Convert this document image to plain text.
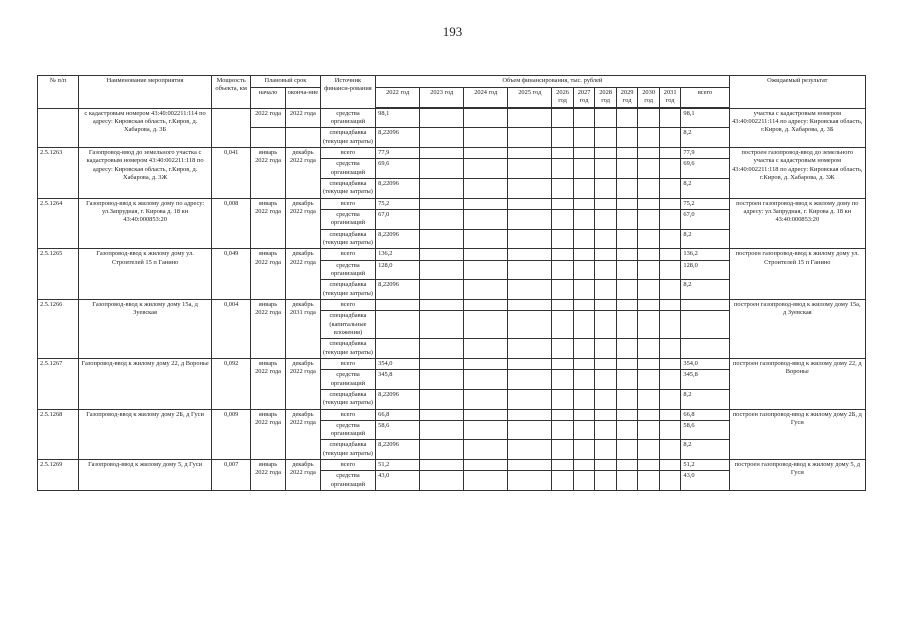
193
№ п/п	Наименование мероприятия	Мощность объекта, км	Плановый срок		Источник финанси-рования	Объем финансирования, тыс. рублей											Ожидаемый результат
			начало	оконча-ние		2022 год	2023 год	2024 год	2025 год	2026 год	2027 год	2028 год	2029 год	2030 год	2031 год	всего	

	с кадастровым номером 43:40:002211:114 по адресу: Кировская область, г.Киров, д. Хабарова, д. 3Б		2022 года	2022 года	средства организаций	98,1										98,1	участка с кадастровым номером 43:40:002211:114 по адресу: Кировская область, г.Киров, д. Хабарова, д. 3Б
					спецнадбавка (текущие затраты)	8,22096										8,2	
2.5.1263	Газопровод-ввод до земельного участка с кадастровым номером 43:40:002211:118 по адресу: Кировская область, г.Киров, д. Хабарова, д. 3Ж	0,041	январь 2022 года	декабрь 2022 года	всего	77,9										77,9	построен газопровод-ввод до земельного участка с кадастровым номером 43:40:002211:118 по адресу: Кировская область, г.Киров, д. Хабарова, д. 3Ж
					средства организаций	69,6										69,6	
					спецнадбавка (текущие затраты)	8,22096										8,2	
2.5.1264	Газопровод-ввод к жилому дому по адресу: ул.Запрудная, г. Кирова д. 18 кн 43:40:000853:20	0,008	январь 2022 года	декабрь 2022 года	всего	75,2										75,2	построен газопровод-ввод к жилому дому по адресу: ул.Запрудная, г. Кирова д. 18 кн 43:40:000853:20
					средства организаций	67,0										67,0	
					спецнадбавка (текущие затраты)	8,22096										8,2	
2.5.1265	Газопровод-ввод к жилому дому ул. Строителей 15 п Ганино	0,049	январь 2022 года	декабрь 2022 года	всего	136,2										136,2	построен газопровод-ввод к жилому дому ул. Строителей 15 п Ганино
					средства организаций	128,0										128,0	
					спецнадбавка (текущие затраты)	8,22096										8,2	
2.5.1266	Газопровод-ввод к жилому дому 15а, д Зуевская	0,004	январь 2022 года	декабрь 2031 года	всего												построен газопровод-ввод к жилому дому 15а, д Зуевская
					спецнадбавка (капитальные вложения)												
					спецнадбавка (текущие затраты)												
2.5.1267	Газопровод-ввод к жилому дому 22, д Воронье	0,092	январь 2022 года	декабрь 2022 года	всего	354,0										354,0	построен газопровод-ввод к жилому дому 22, д Воронье
					средства организаций	345,8										345,8	
					спецнадбавка (текущие затраты)	8,22096										8,2	
2.5.1268	Газопровод-ввод к жилому дому 2Б, д Гуси	0,009	январь 2022 года	декабрь 2022 года	всего	66,8										66,8	построен газопровод-ввод к жилому дому 2Б, д Гуси
					средства организаций	58,6										58,6	
					спецнадбавка (текущие затраты)	8,22096										8,2	
2.5.1269	Газопровод-ввод к жилому дому 5, д Гуси	0,007	январь 2022 года	декабрь 2022 года	всего	51,2										51,2	построен газопровод-ввод к жилому дому 5, д Гуси
					средства организаций	43,0										43,0	
